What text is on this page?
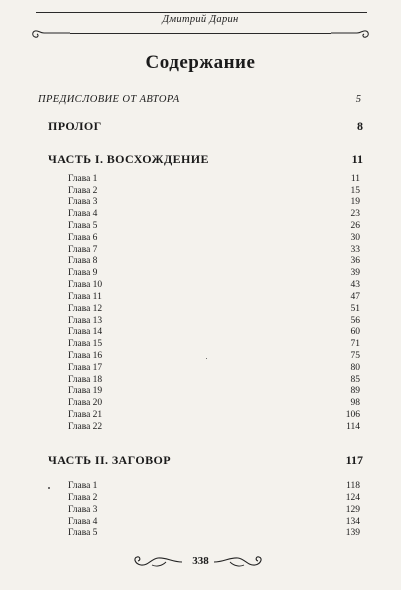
Дмитрий Дарин
Содержание
ПРЕДИСЛОВИЕ ОТ АВТОРА	5
ПРОЛОГ	8
ЧАСТЬ I. ВОСХОЖДЕНИЕ	11
Глава 1	11
Глава 2	15
Глава 3	19
Глава 4	23
Глава 5	26
Глава 6	30
Глава 7	33
Глава 8	36
Глава 9	39
Глава 10	43
Глава 11	47
Глава 12	51
Глава 13	56
Глава 14	60
Глава 15	71
Глава 16	75
Глава 17	80
Глава 18	85
Глава 19	89
Глава 20	98
Глава 21	106
Глава 22	114
ЧАСТЬ II. ЗАГОВОР	117
Глава 1	118
Глава 2	124
Глава 3	129
Глава 4	134
Глава 5	139
338
